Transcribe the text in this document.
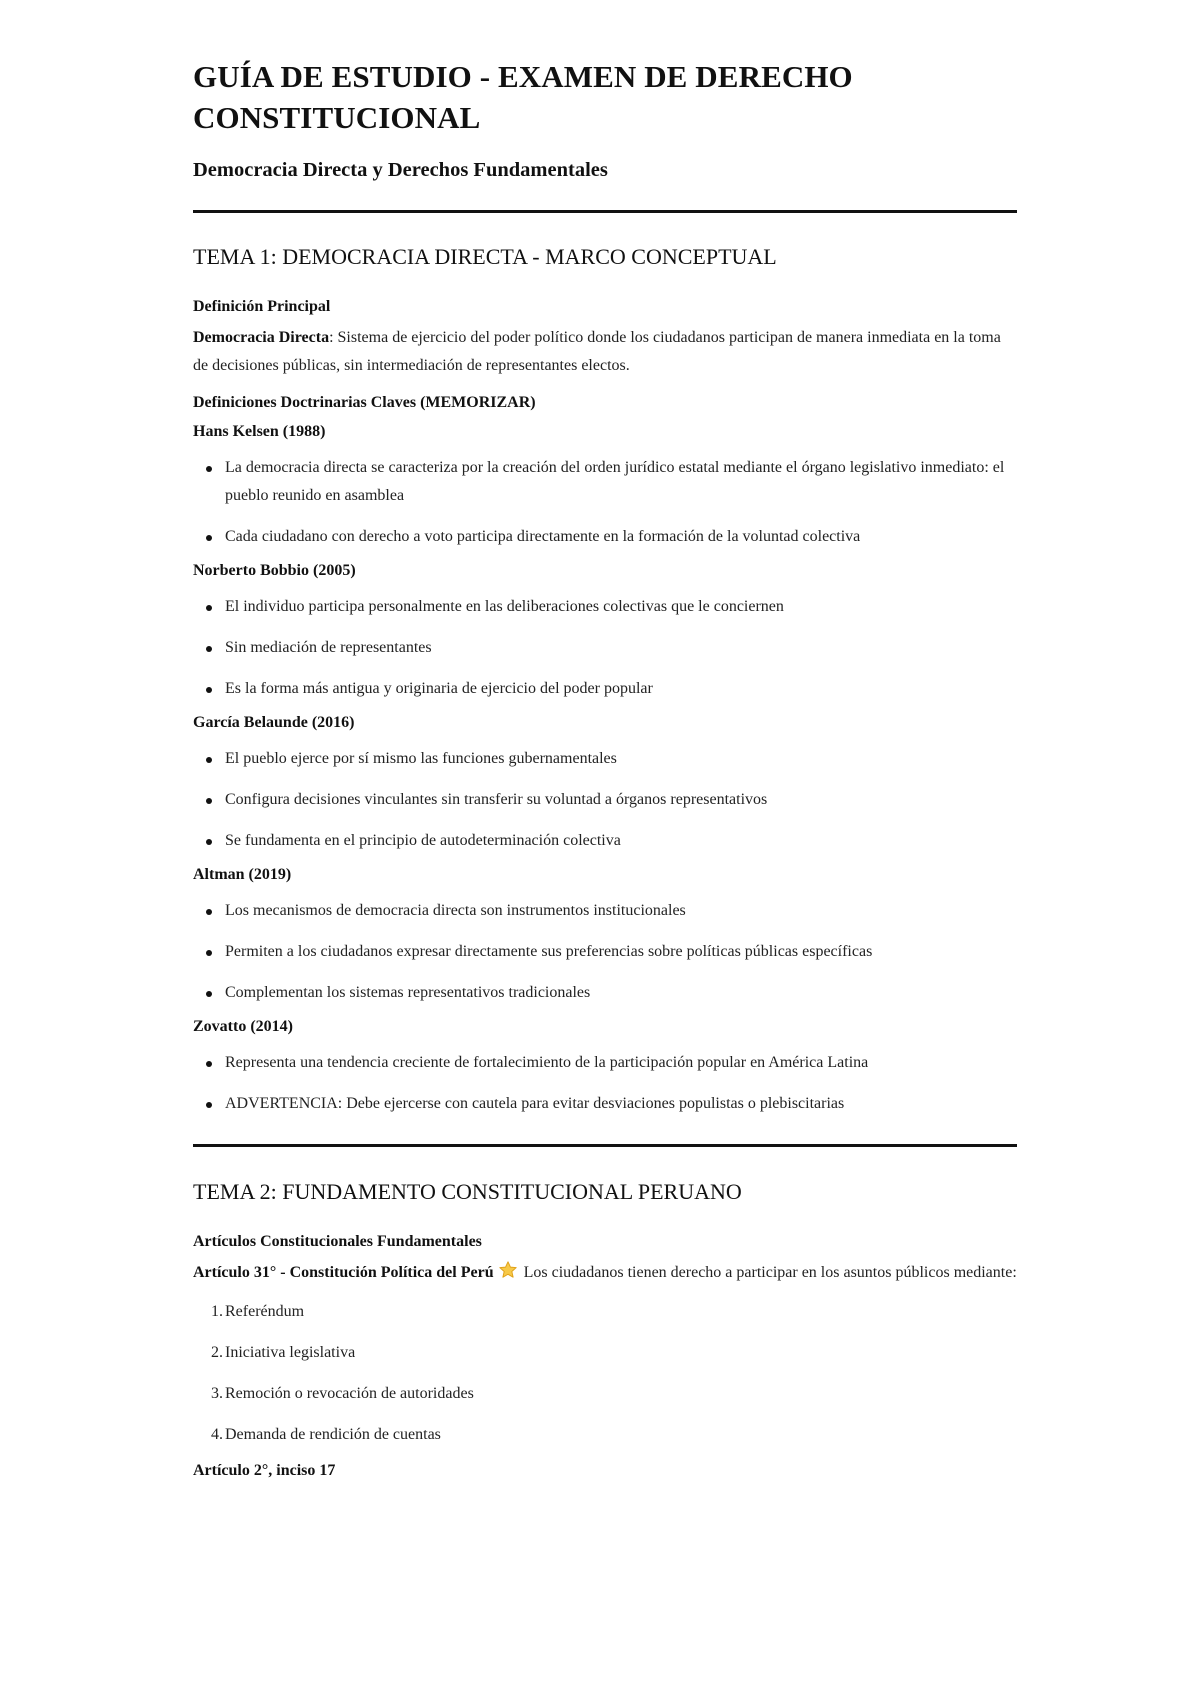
GUÍA DE ESTUDIO - EXAMEN DE DERECHO CONSTITUCIONAL
Democracia Directa y Derechos Fundamentales
TEMA 1: DEMOCRACIA DIRECTA - MARCO CONCEPTUAL
Definición Principal

Democracia Directa: Sistema de ejercicio del poder político donde los ciudadanos participan de manera inmediata en la toma de decisiones públicas, sin intermediación de representantes electos.

Definiciones Doctrinarias Claves (MEMORIZAR)
Hans Kelsen (1988)
La democracia directa se caracteriza por la creación del orden jurídico estatal mediante el órgano legislativo inmediato: el pueblo reunido en asamblea
Cada ciudadano con derecho a voto participa directamente en la formación de la voluntad colectiva
Norberto Bobbio (2005)
El individuo participa personalmente en las deliberaciones colectivas que le conciernen
Sin mediación de representantes
Es la forma más antigua y originaria de ejercicio del poder popular
García Belaunde (2016)
El pueblo ejerce por sí mismo las funciones gubernamentales
Configura decisiones vinculantes sin transferir su voluntad a órganos representativos
Se fundamenta en el principio de autodeterminación colectiva
Altman (2019)
Los mecanismos de democracia directa son instrumentos institucionales
Permiten a los ciudadanos expresar directamente sus preferencias sobre políticas públicas específicas
Complementan los sistemas representativos tradicionales
Zovatto (2014)
Representa una tendencia creciente de fortalecimiento de la participación popular en América Latina
ADVERTENCIA: Debe ejercerse con cautela para evitar desviaciones populistas o plebiscitarias
TEMA 2: FUNDAMENTO CONSTITUCIONAL PERUANO
Artículos Constitucionales Fundamentales

Artículo 31° - Constitución Política del Perú Los ciudadanos tienen derecho a participar en los asuntos públicos mediante:

1. Referéndum
2. Iniciativa legislativa
3. Remoción o revocación de autoridades
4. Demanda de rendición de cuentas
Artículo 2°, inciso 17
